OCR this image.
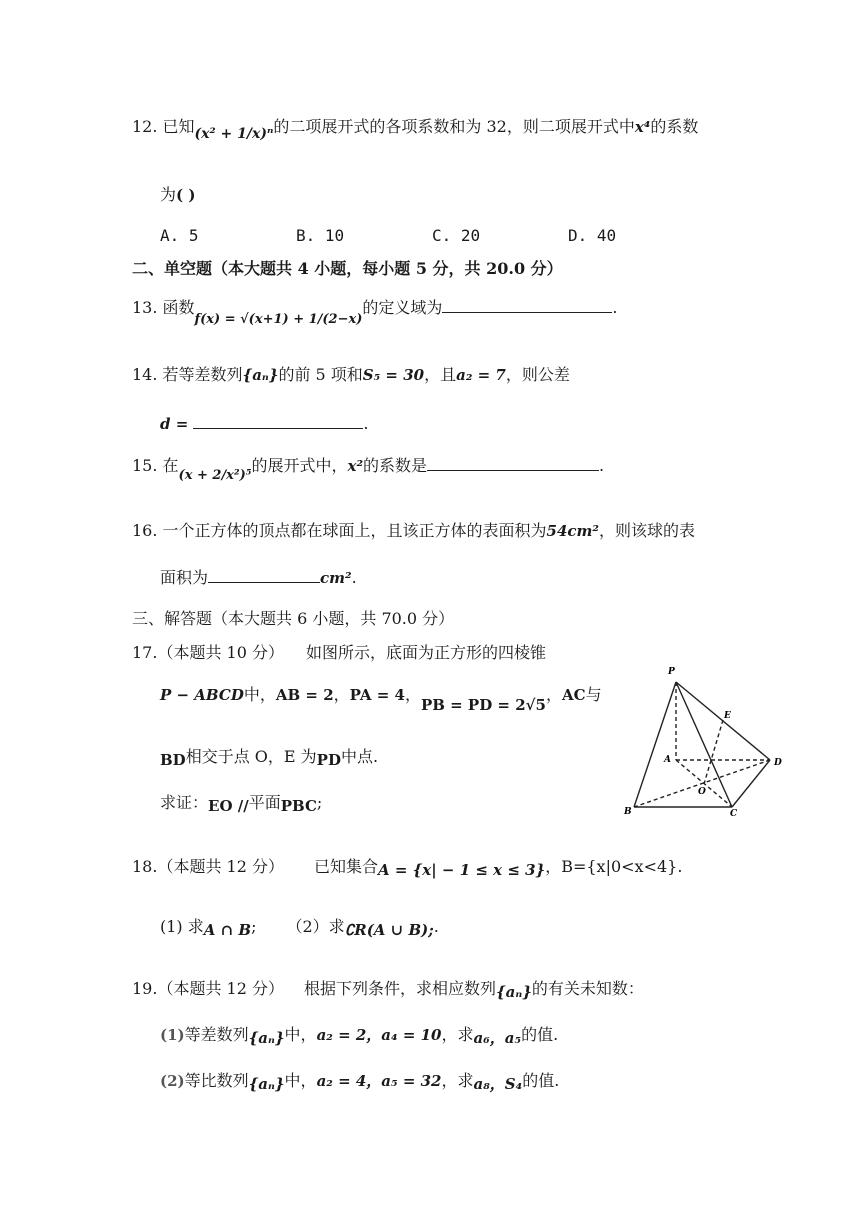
12. 已知(x² + 1/x)ⁿ的二项展开式的各项系数和为 32，则二项展开式中x⁴的系数
为( )
A. 5	B. 10	C. 20	D. 40
二、单空题（本大题共 4 小题，每小题 5 分，共 20.0 分）
13. 函数$_{f(x) = √(x+1) + 1/(2-x)}$的定义域为	.
14. 若等差数列{aₙ}的前 5 项和S₅ = 30，且a₂ = 7，则公差
d =	.
15. 在$_{(x + 2/x^2)^5}$的展开式中，x²的系数是	.
16. 一个正方体的顶点都在球面上，且该正方体的表面积为54cm²，则该球的表
面积为	cm².
三、解答题（本大题共 6 小题，共 70.0 分）
17.（本题共 10 分） 如图所示，底面为正方形的四棱锥
P − ABCD中，AB = 2，PA = 4，PB = PD = 2√5，AC与
BD相交于点 O，E 为PD中点.
求证：EO //平面PBC;
P
E
A	D
O
B	C
18.（本题共 12 分） 已知集合A = {x| − 1 ≤ x ≤ 3}，B={x|0<x<4}.
(1) 求A ∩ B; （2）求∁R(A ∪ B);.
19.（本题共 12 分） 根据下列条件，求相应数列{aₙ}的有关未知数：
(1)等差数列{aₙ}中，a₂ = 2，a₄ = 10，求a₆，a₅的值.
(2)等比数列{aₙ}中，a₂ = 4，a₅ = 32，求a₈，S₄的值.
